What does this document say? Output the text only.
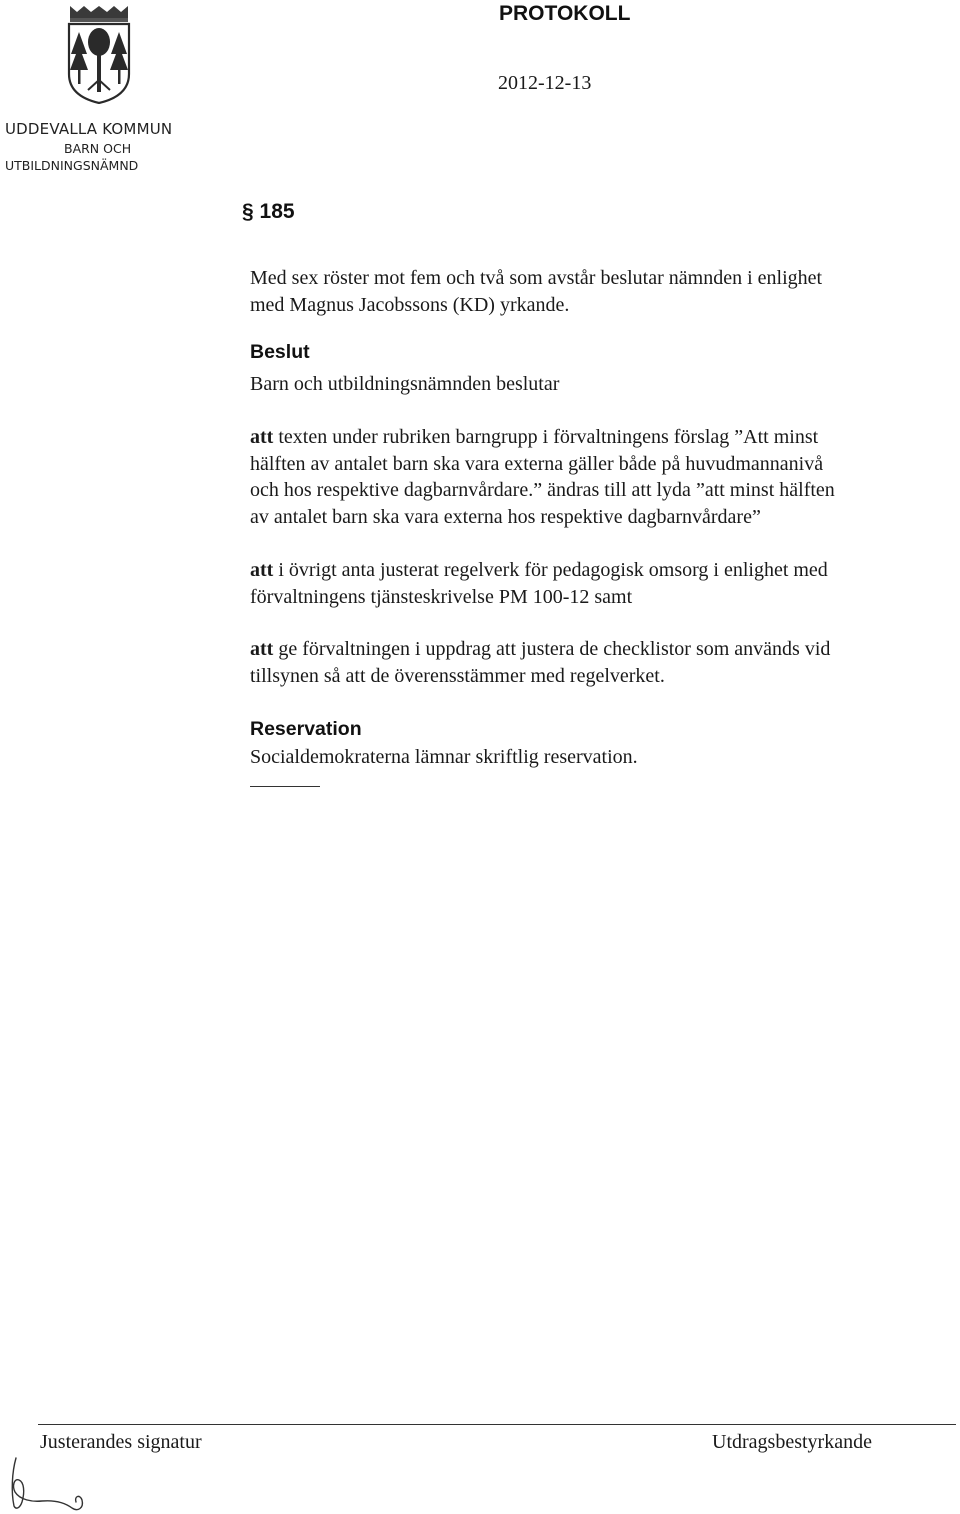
UDDEVALLA KOMMUN
BARN OCH
UTBILDNINGSNÄMND
PROTOKOLL
2012-12-13
§ 185
Med sex röster mot fem och två som avstår beslutar nämnden i enlighet
med Magnus Jacobssons (KD) yrkande.
Beslut
Barn och utbildningsnämnden beslutar
att texten under rubriken barngrupp i förvaltningens förslag ”Att minst
hälften av antalet barn ska vara externa gäller både på huvudmannanivå
och hos respektive dagbarnvårdare.” ändras till att lyda ”att minst hälften
av antalet barn ska vara externa hos respektive dagbarnvårdare”
att i övrigt anta justerat regelverk för pedagogisk omsorg i enlighet med
förvaltningens tjänsteskrivelse PM 100-12 samt
att ge förvaltningen i uppdrag att justera de checklistor som används vid
tillsynen så att de överensstämmer med regelverket.
Reservation
Socialdemokraterna lämnar skriftlig reservation.
Justerandes signatur	Utdragsbestyrkande
